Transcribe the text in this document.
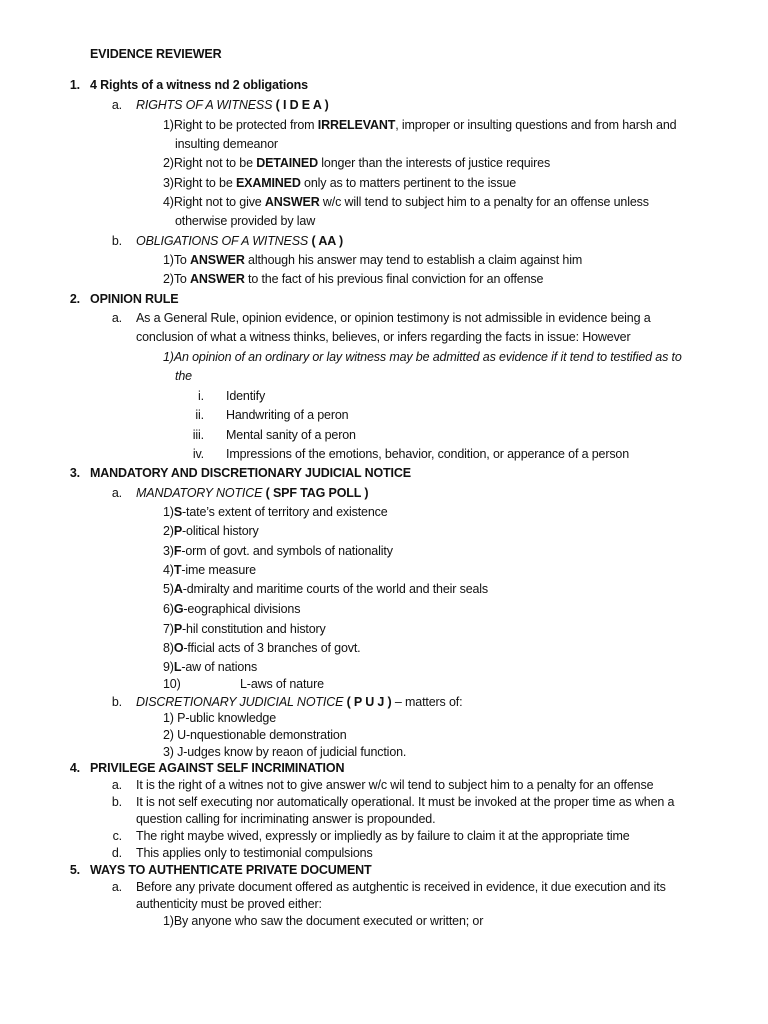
EVIDENCE REVIEWER
1. 4 Rights of a witness nd 2 obligations
a. RIGHTS OF A WITNESS ( I D E A )
1)Right to be protected from IRRELEVANT, improper or insulting questions and from harsh and
insulting demeanor
2)Right not to be DETAINED longer than the interests of justice requires
3)Right to be EXAMINED only as to matters pertinent to the issue
4)Right not to give ANSWER w/c will tend to subject him to a penalty for an offense unless
otherwise provided by law
b. OBLIGATIONS OF A WITNESS ( AA )
1)To ANSWER although his answer may tend to establish a claim against him
2)To ANSWER to the fact of his previous final conviction for an offense
2. OPINION RULE
a. As a General Rule, opinion evidence, or opinion testimony is not admissible in evidence being a
conclusion of what a witness thinks, believes, or infers regarding the facts in issue: However
1)An opinion of an ordinary or lay witness may be admitted as evidence if it tend to testified as to
the
i. Identify
ii. Handwriting of a peron
iii. Mental sanity of a peron
iv. Impressions of the emotions, behavior, condition, or apperance of a person
3. MANDATORY AND DISCRETIONARY JUDICIAL NOTICE
a. MANDATORY NOTICE ( SPF TAG POLL )
1)S-tate’s extent of territory and existence
2)P-olitical history
3)F-orm of govt. and symbols of nationality
4)T-ime measure
5)A-dmiralty and maritime courts of the world and their seals
6)G-eographical divisions
7)P-hil constitution and history
8)O-fficial acts of 3 branches of govt.
9)L-aw of nations
10)	L-aws of nature
b. DISCRETIONARY JUDICIAL NOTICE ( P U J ) – matters of:
1) P-ublic knowledge
2) U-nquestionable demonstration
3) J-udges know by reaon of judicial function.
4. PRIVILEGE AGAINST SELF INCRIMINATION
a. It is the right of a witnes not to give answer w/c wil tend to subject him to a penalty for an offense
b. It is not self executing nor automatically operational. It must be invoked at the proper time as when a
question calling for incriminating answer is propounded.
c. The right maybe wived, expressly or impliedly as by failure to claim it at the appropriate time
d. This applies only to testimonial compulsions
5. WAYS TO AUTHENTICATE PRIVATE DOCUMENT
a. Before any private document offered as autghentic is received in evidence, it due execution and its
authenticity must be proved either:
1)By anyone who saw the document executed or written; or
